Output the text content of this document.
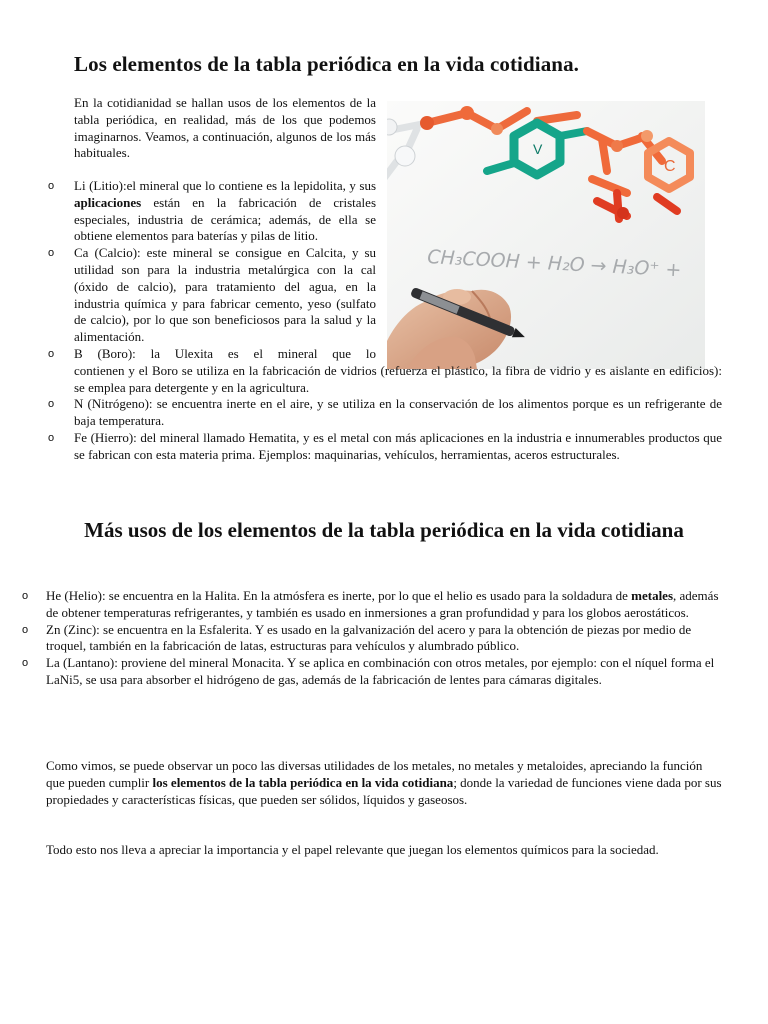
Los elementos de la tabla periódica en la vida cotidiana.
V
C
CH₃COOH + H₂O → H₃O⁺ +

En la cotidianidad se hallan usos de los elementos de la tabla periódica, en realidad, más de los que podemos imaginarnos. Veamos, a continuación, algunos de los más habituales.

o Li (Litio):el mineral que lo contiene es la lepidolita, y sus aplicaciones están en la fabricación de cristales especiales, industria de cerámica; además, de ella se obtiene elementos para baterías y pilas de litio.
o Ca (Calcio): este mineral se consigue en Calcita, y su utilidad son para la industria metalúrgica con la cal (óxido de calcio), para tratamiento del agua, en la industria química y para fabricar cemento, yeso (sulfato de calcio), por lo que son beneficiosos para la salud y la alimentación.
o B (Boro): la Ulexita es el mineral que lo
contienen y el Boro se utiliza en la fabricación de vidrios (refuerza el plástico, la fibra de vidrio y es aislante en edificios): se emplea para detergente y en la agricultura.
o N (Nitrógeno): se encuentra inerte en el aire, y se utiliza en la conservación de los alimentos porque es un refrigerante de baja temperatura.
o Fe (Hierro): del mineral llamado Hematita, y es el metal con más aplicaciones en la industria e innumerables productos que se fabrican con esta materia prima. Ejemplos: maquinarias, vehículos, herramientas, aceros estructurales.
Más usos de los elementos de la tabla periódica en la vida cotidiana
o He (Helio): se encuentra en la Halita. En la atmósfera es inerte, por lo que el helio es usado para la soldadura de metales, además de obtener temperaturas refrigerantes, y también es usado en inmersiones a gran profundidad y para los globos aerostáticos.
o Zn (Zinc): se encuentra en la Esfalerita. Y es usado en la galvanización del acero y para la obtención de piezas por medio de troquel, también en la fabricación de latas, estructuras para vehículos y alumbrado público.
o La (Lantano): proviene del mineral Monacita. Y se aplica en combinación con otros metales, por ejemplo: con el níquel forma el LaNi5, se usa para absorber el hidrógeno de gas, además de la fabricación de lentes para cámaras digitales.

Como vimos, se puede observar un poco las diversas utilidades de los metales, no metales y metaloides, apreciando la función que pueden cumplir los elementos de la tabla periódica en la vida cotidiana; donde la variedad de funciones viene dada por sus propiedades y características físicas, que pueden ser sólidos, líquidos y gaseosos.

Todo esto nos lleva a apreciar la importancia y el papel relevante que juegan los elementos químicos para la sociedad.
